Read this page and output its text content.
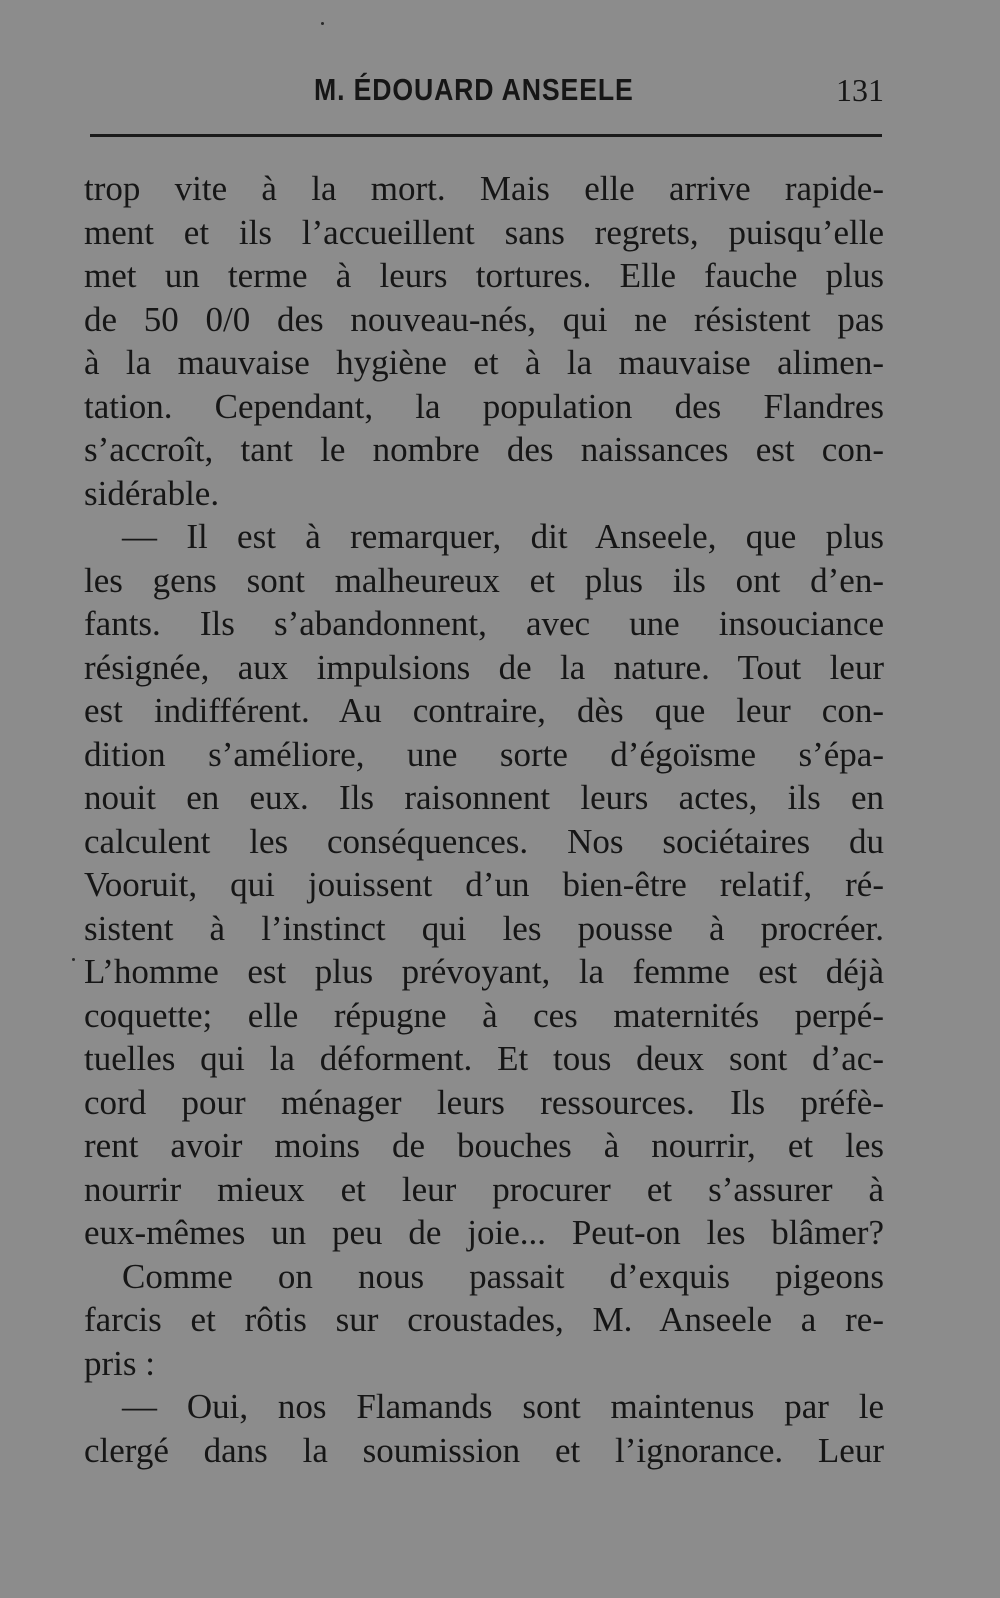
M. ÉDOUARD ANSEELE	131
trop vite à la mort. Mais elle arrive rapide-
ment et ils l’accueillent sans regrets, puisqu’elle
met un terme à leurs tortures. Elle fauche plus
de 50 0/0 des nouveau-nés, qui ne résistent pas
à la mauvaise hygiène et à la mauvaise alimen-
tation. Cependant, la population des Flandres
s’accroît, tant le nombre des naissances est con-
sidérable.
— Il est à remarquer, dit Anseele, que plus
les gens sont malheureux et plus ils ont d’en-
fants. Ils s’abandonnent, avec une insouciance
résignée, aux impulsions de la nature. Tout leur
est indifférent. Au contraire, dès que leur con-
dition s’améliore, une sorte d’égoïsme s’épa-
nouit en eux. Ils raisonnent leurs actes, ils en
calculent les conséquences. Nos sociétaires du
Vooruit, qui jouissent d’un bien-être relatif, ré-
sistent à l’instinct qui les pousse à procréer.
L’homme est plus prévoyant, la femme est déjà
coquette; elle répugne à ces maternités perpé-
tuelles qui la déforment. Et tous deux sont d’ac-
cord pour ménager leurs ressources. Ils préfè-
rent avoir moins de bouches à nourrir, et les
nourrir mieux et leur procurer et s’assurer à
eux-mêmes un peu de joie... Peut-on les blâmer?
Comme on nous passait d’exquis pigeons
farcis et rôtis sur croustades, M. Anseele a re-
pris :
— Oui, nos Flamands sont maintenus par le
clergé dans la soumission et l’ignorance. Leur
